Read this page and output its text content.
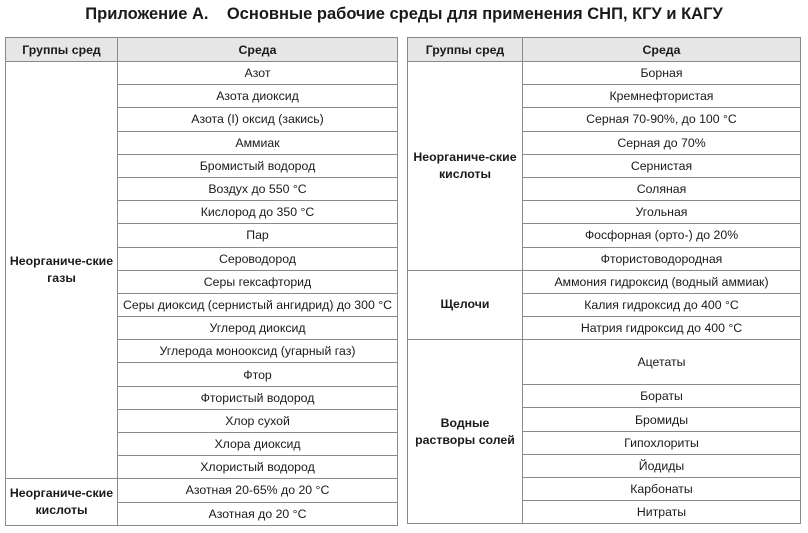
Приложение А.    Основные рабочие среды для применения СНП, КГУ и КАГУ
Группы сред	Среда
Неорганиче-ские газы	Азот
	Азота диоксид
	Азота (I) оксид (закись)
	Аммиак
	Бромистый водород
	Воздух до 550 °С
	Кислород до 350 °С
	Пар
	Сероводород
	Серы гексафторид
	Серы диоксид (сернистый ангидрид) до 300 °С
	Углерод диоксид
	Углерода монооксид (угарный газ)
	Фтор
	Фтористый водород
	Хлор сухой
	Хлора диоксид
	Хлористый водород
Неорганиче-ские кислоты	Азотная 20-65% до 20 °С
	Азотная до 20 °С
Группы сред	Среда
Неорганиче-ские кислоты	Борная
	Кремнефтористая
	Серная 70-90%, до 100 °С
	Серная до 70%
	Сернистая
	Соляная
	Угольная
	Фосфорная (орто-) до 20%
	Фтористоводородная
Щелочи	Аммония гидроксид (водный аммиак)
	Калия гидроксид до 400 °С
	Натрия гидроксид до 400 °С
Водные растворы солей	Ацетаты
	Бораты
	Бромиды
	Гипохлориты
	Йодиды
	Карбонаты
	Нитраты
